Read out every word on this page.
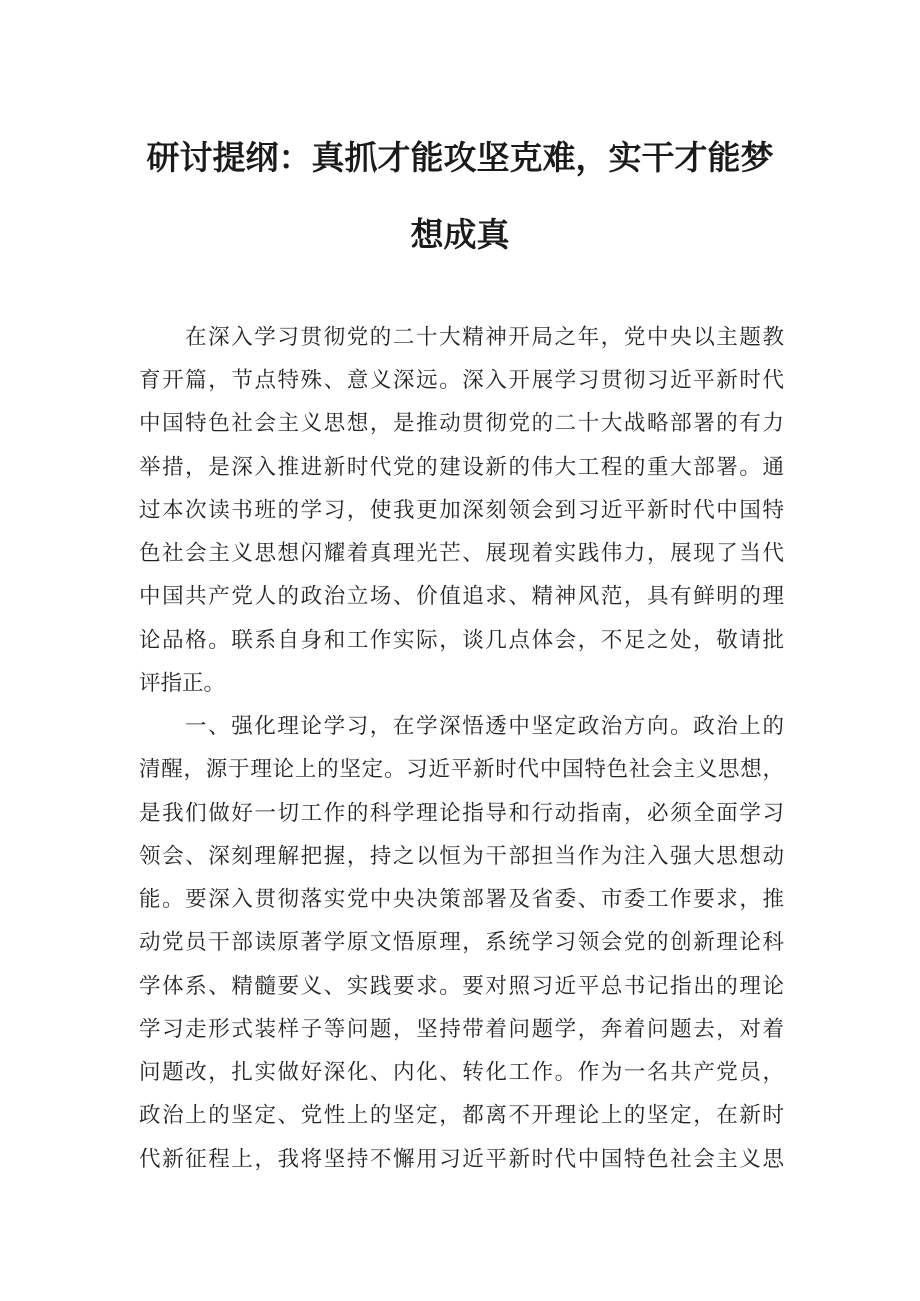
研讨提纲：真抓才能攻坚克难，实干才能梦
想成真
在深入学习贯彻党的二十大精神开局之年，党中央以主题教
育开篇，节点特殊、意义深远。深入开展学习贯彻习近平新时代
中国特色社会主义思想，是推动贯彻党的二十大战略部署的有力
举措，是深入推进新时代党的建设新的伟大工程的重大部署。通
过本次读书班的学习，使我更加深刻领会到习近平新时代中国特
色社会主义思想闪耀着真理光芒、展现着实践伟力，展现了当代
中国共产党人的政治立场、价值追求、精神风范，具有鲜明的理
论品格。联系自身和工作实际，谈几点体会，不足之处，敬请批
评指正。
一、强化理论学习，在学深悟透中坚定政治方向。政治上的
清醒，源于理论上的坚定。习近平新时代中国特色社会主义思想，
是我们做好一切工作的科学理论指导和行动指南，必须全面学习
领会、深刻理解把握，持之以恒为干部担当作为注入强大思想动
能。要深入贯彻落实党中央决策部署及省委、市委工作要求，推
动党员干部读原著学原文悟原理，系统学习领会党的创新理论科
学体系、精髓要义、实践要求。要对照习近平总书记指出的理论
学习走形式装样子等问题，坚持带着问题学，奔着问题去，对着
问题改，扎实做好深化、内化、转化工作。作为一名共产党员，
政治上的坚定、党性上的坚定，都离不开理论上的坚定，在新时
代新征程上，我将坚持不懈用习近平新时代中国特色社会主义思
